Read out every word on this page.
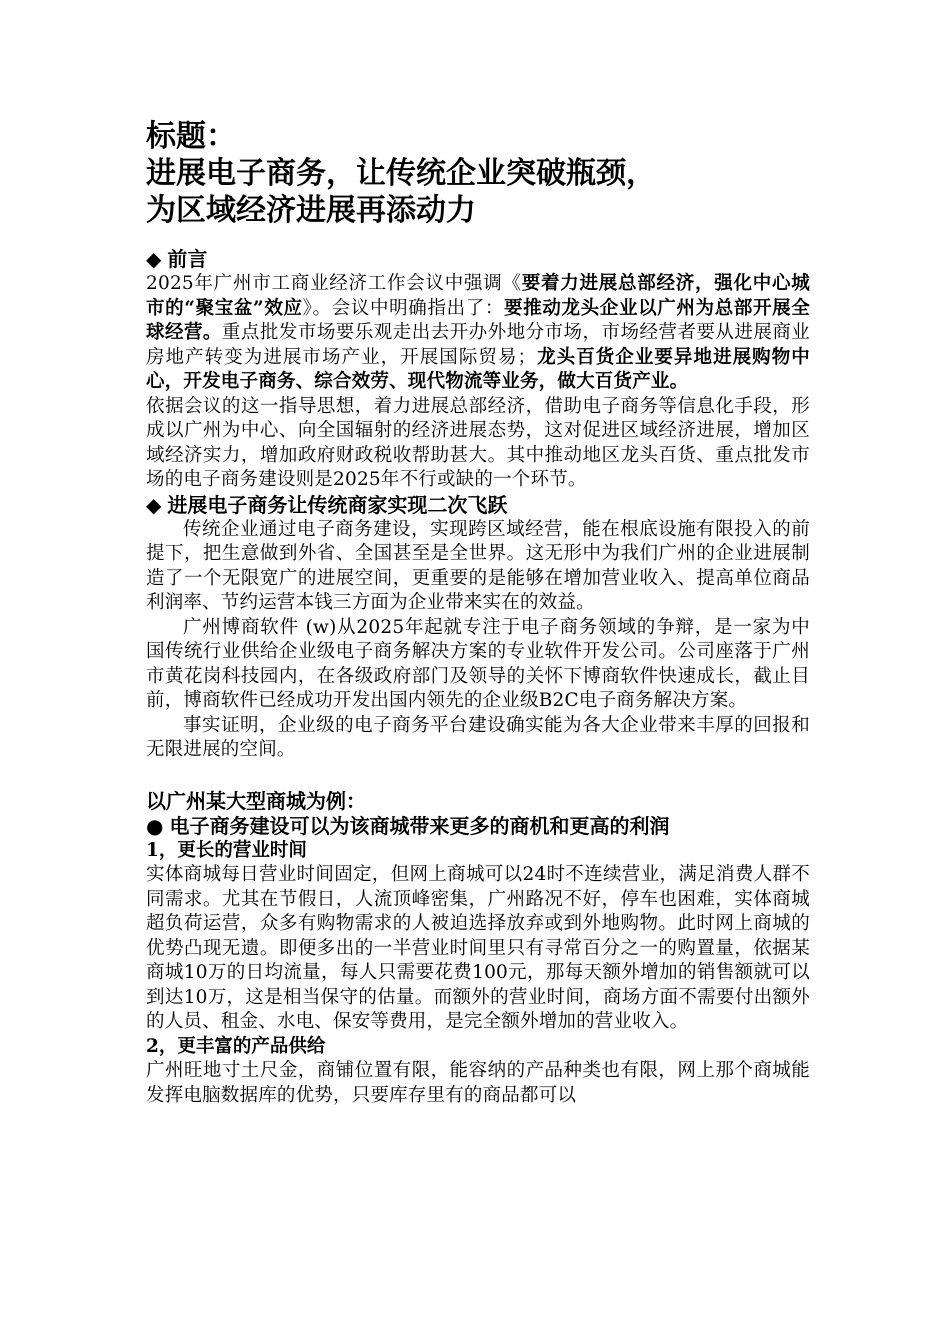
标题：
进展电子商务，让传统企业突破瓶颈，
为区域经济进展再添动力
◆ 前言

2025年广州市工商业经济工作会议中强调《要着力进展总部经济，强化中心城市的“聚宝盆”效应》。会议中明确指出了：要推动龙头企业以广州为总部开展全球经营。重点批发市场要乐观走出去开办外地分市场，市场经营者要从进展商业房地产转变为进展市场产业，开展国际贸易；龙头百货企业要异地进展购物中心，开发电子商务、综合效劳、现代物流等业务，做大百货产业。

依据会议的这一指导思想，着力进展总部经济，借助电子商务等信息化手段，形成以广州为中心、向全国辐射的经济进展态势，这对促进区域经济进展，增加区域经济实力，增加政府财政税收帮助甚大。其中推动地区龙头百货、重点批发市场的电子商务建设则是2025年不行或缺的一个环节。

◆ 进展电子商务让传统商家实现二次飞跃

传统企业通过电子商务建设，实现跨区域经营，能在根底设施有限投入的前提下，把生意做到外省、全国甚至是全世界。这无形中为我们广州的企业进展制造了一个无限宽广的进展空间，更重要的是能够在增加营业收入、提高单位商品利润率、节约运营本钱三方面为企业带来实在的效益。

广州博商软件 (w)从2025年起就专注于电子商务领域的争辩，是一家为中国传统行业供给企业级电子商务解决方案的专业软件开发公司。公司座落于广州市黄花岗科技园内，在各级政府部门及领导的关怀下博商软件快速成长，截止目前，博商软件已经成功开发出国内领先的企业级B2C电子商务解决方案。

事实证明，企业级的电子商务平台建设确实能为各大企业带来丰厚的回报和无限进展的空间。

以广州某大型商城为例：
● 电子商务建设可以为该商城带来更多的商机和更高的利润
1，更长的营业时间

实体商城每日营业时间固定，但网上商城可以24时不连续营业，满足消费人群不同需求。尤其在节假日，人流顶峰密集，广州路况不好，停车也困难，实体商城超负荷运营，众多有购物需求的人被迫选择放弃或到外地购物。此时网上商城的优势凸现无遗。即便多出的一半营业时间里只有寻常百分之一的购置量，依据某商城10万的日均流量，每人只需要花费100元，那每天额外增加的销售额就可以到达10万，这是相当保守的估量。而额外的营业时间，商场方面不需要付出额外的人员、租金、水电、保安等费用，是完全额外增加的营业收入。

2，更丰富的产品供给

广州旺地寸土尺金，商铺位置有限，能容纳的产品种类也有限，网上那个商城能发挥电脑数据库的优势，只要库存里有的商品都可以
